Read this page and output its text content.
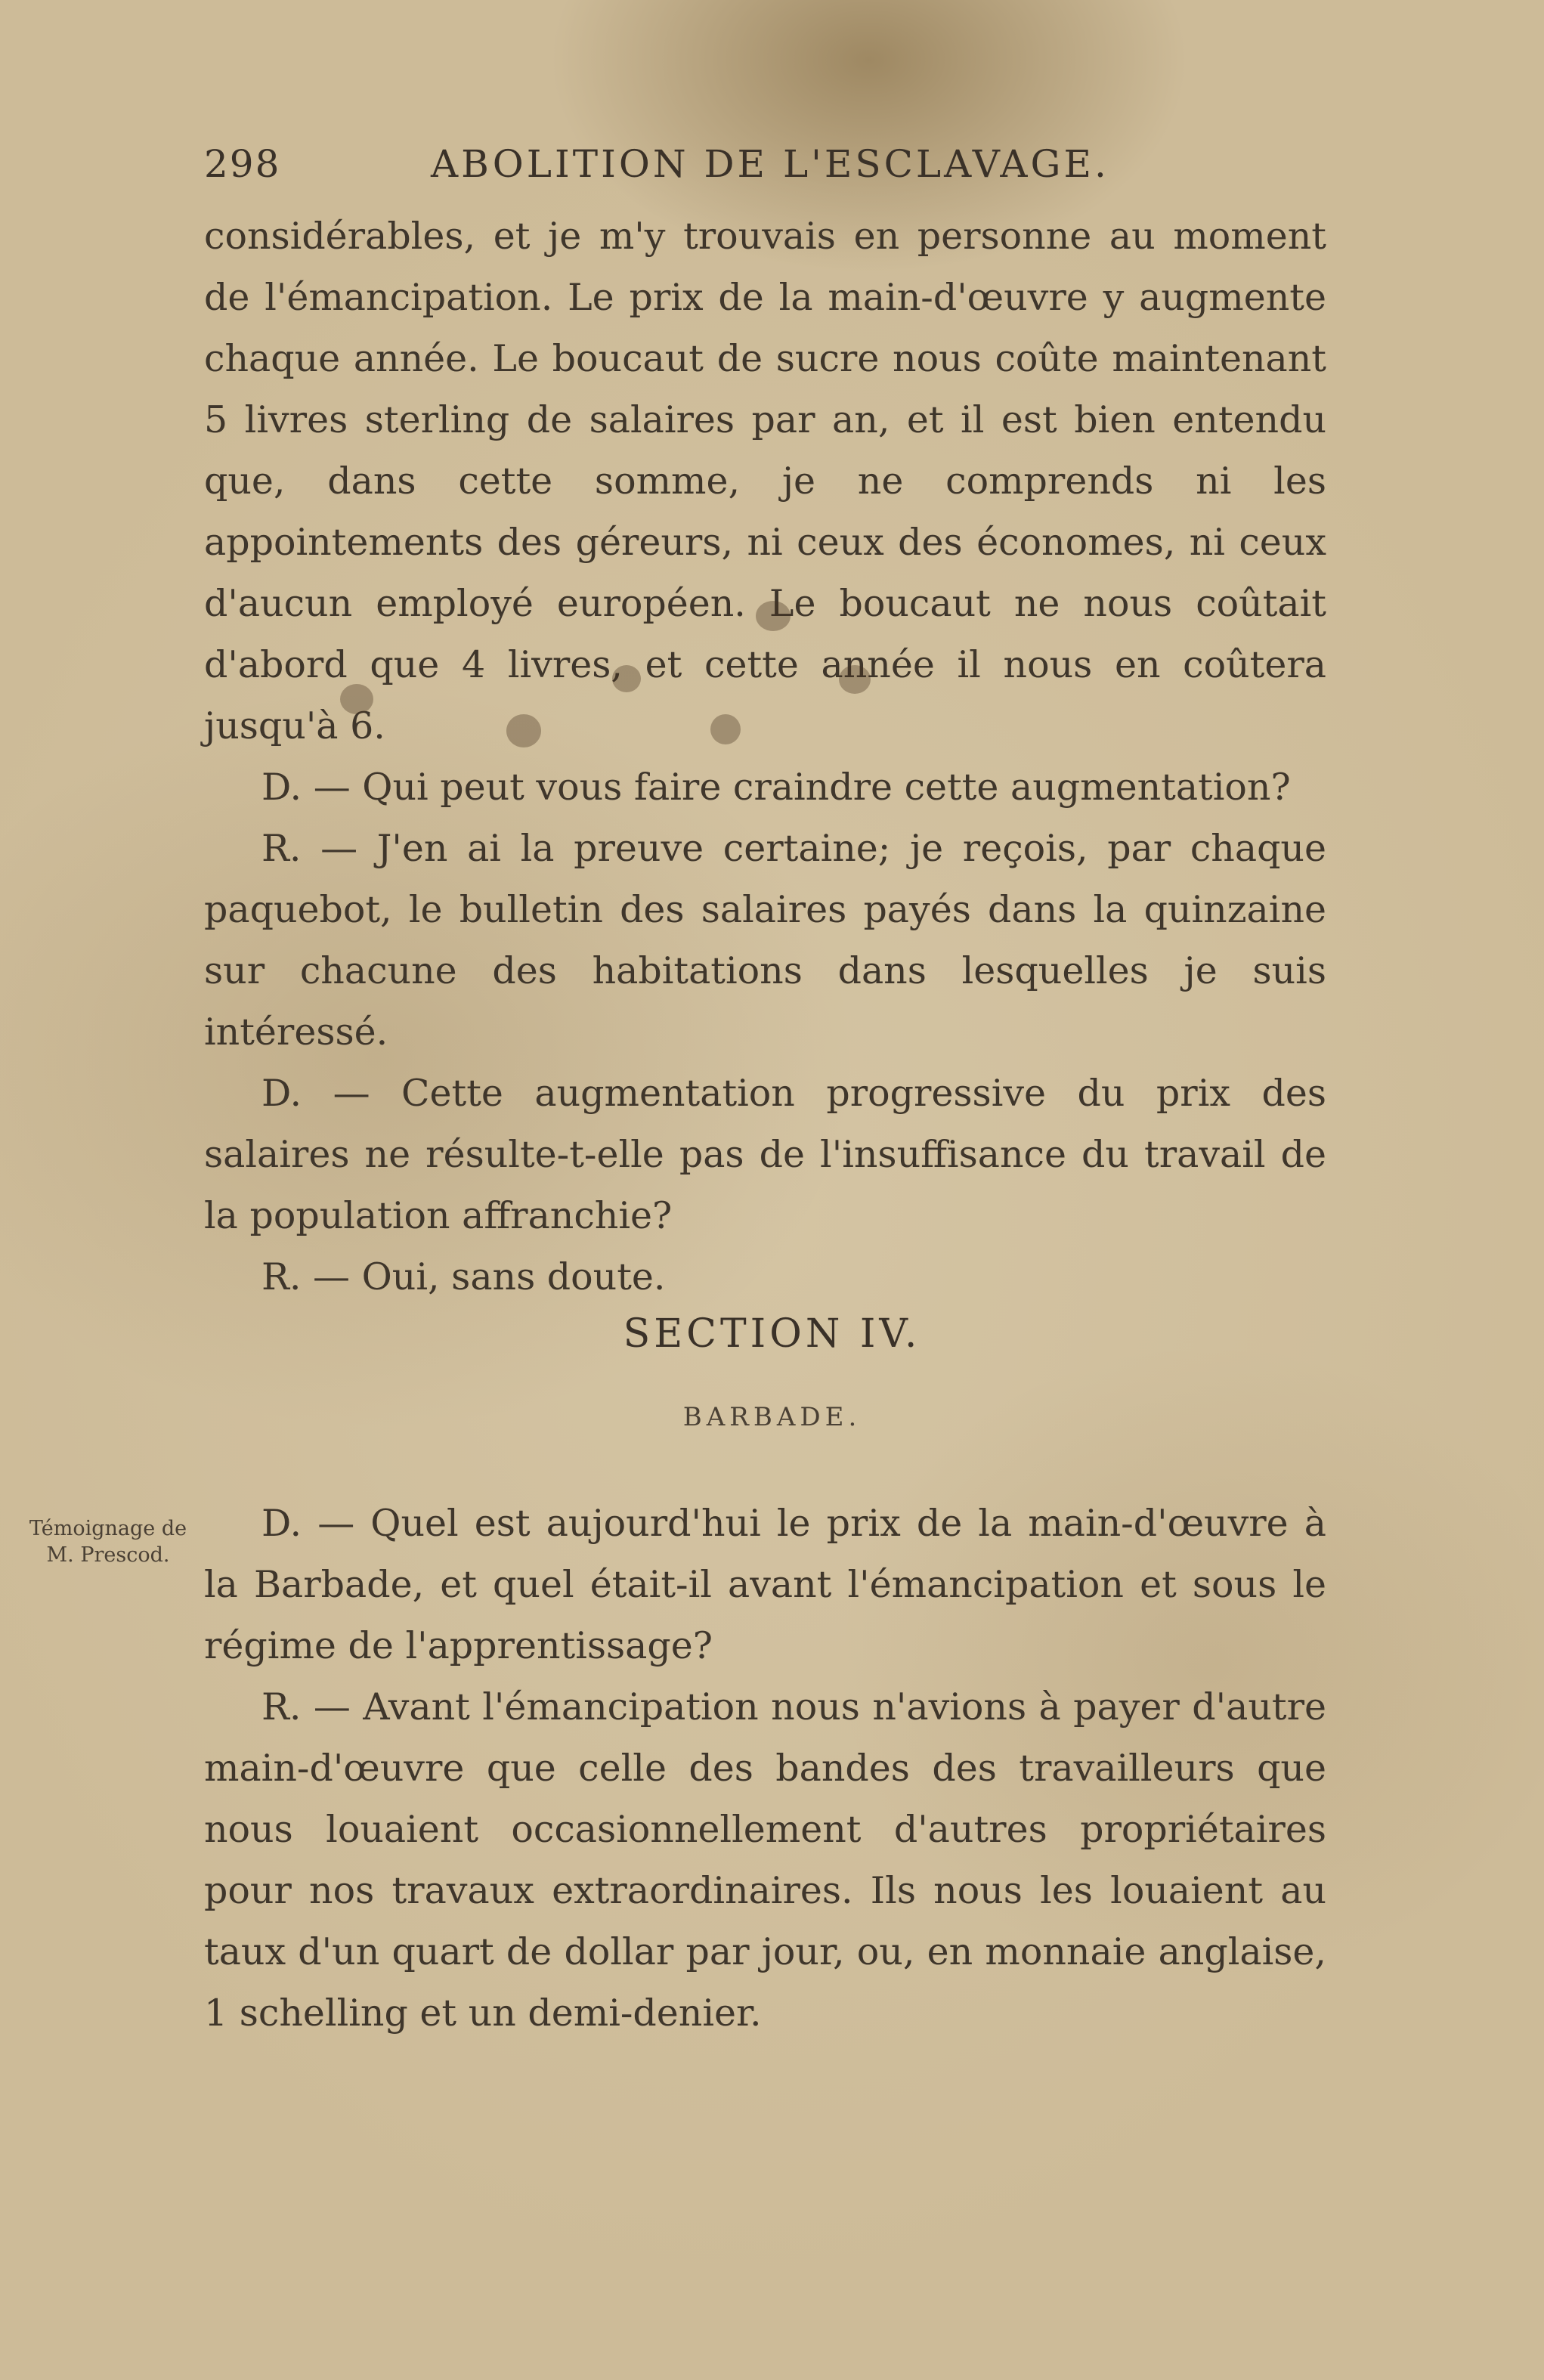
298	ABOLITION DE L'ESCLAVAGE.

considérables, et je m'y trouvais en personne au moment de l'émancipation. Le prix de la main-d'œuvre y augmente chaque année. Le boucaut de sucre nous coûte maintenant 5 livres sterling de salaires par an, et il est bien entendu que, dans cette somme, je ne comprends ni les appointements des géreurs, ni ceux des économes, ni ceux d'aucun employé européen. Le boucaut ne nous coûtait d'abord que 4 livres, et cette année il nous en coûtera jusqu'à 6.

D. — Qui peut vous faire craindre cette augmentation?

R. — J'en ai la preuve certaine; je reçois, par chaque paquebot, le bulletin des salaires payés dans la quinzaine sur chacune des habitations dans lesquelles je suis intéressé.

D. — Cette augmentation progressive du prix des salaires ne résulte-t-elle pas de l'insuffisance du travail de la population affranchie?

R. — Oui, sans doute.

SECTION IV.
BARBADE.
Témoignage de M. Prescod.

D. — Quel est aujourd'hui le prix de la main-d'œuvre à la Barbade, et quel était-il avant l'émancipation et sous le régime de l'apprentissage?

R. — Avant l'émancipation nous n'avions à payer d'autre main-d'œuvre que celle des bandes des travailleurs que nous louaient occasionnellement d'autres propriétaires pour nos travaux extraordinaires. Ils nous les louaient au taux d'un quart de dollar par jour, ou, en monnaie anglaise, 1 schelling et un demi-denier.
